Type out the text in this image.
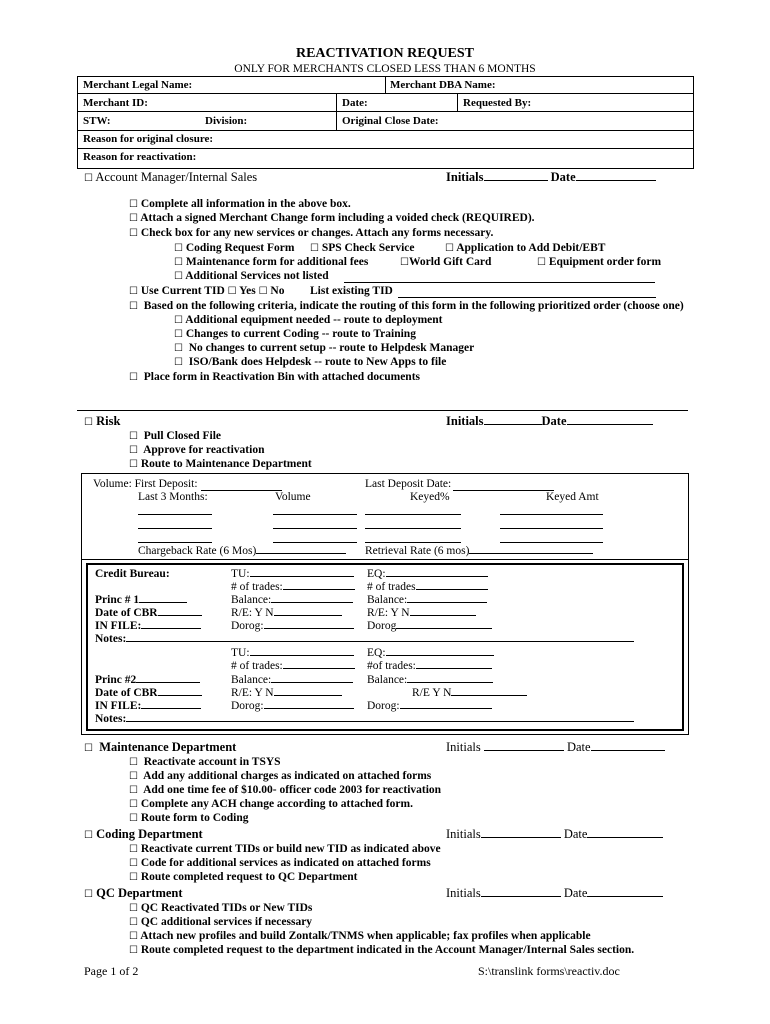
REACTIVATION REQUEST
ONLY FOR MERCHANTS CLOSED LESS THAN 6 MONTHS
Merchant Legal Name:	Merchant DBA Name:
Merchant ID:	Date:	Requested By:
STW:	Division:	Original Close Date:
Reason for original closure:
Reason for reactivation:
☐ Account Manager/Internal Sales	Initials	Date
☐ Complete all information in the above box.
☐ Attach a signed Merchant Change form including a voided check (REQUIRED).
☐ Check box for any new services or changes. Attach any forms necessary.
☐ Coding Request Form ☐ SPS Check Service	☐ Application to Add Debit/EBT
☐ Maintenance form for additional fees	☐World Gift Card	☐ Equipment order form
☐ Additional Services not listed
☐ Use Current TID ☐ Yes ☐ No List existing TID
☐ Based on the following criteria, indicate the routing of this form in the following prioritized order (choose one)
☐ Additional equipment needed -- route to deployment
☐ Changes to current Coding -- route to Training
☐ No changes to current setup -- route to Helpdesk Manager
☐ ISO/Bank does Helpdesk -- route to New Apps to file
☐ Place form in Reactivation Bin with attached documents
☐ Risk	Initials	Date
☐ Pull Closed File
☐ Approve for reactivation
☐ Route to Maintenance Department
Volume: First Deposit:	Last Deposit Date:
Last 3 Months:	Volume	Keyed%	Keyed Amt
Chargeback Rate (6 Mos)	Retrieval Rate (6 mos)
Credit Bureau:	TU:	EQ:
# of trades:	# of trades
Princ # 1	Balance:	Balance:
Date of CBR	R/E: Y N	R/E: Y N
IN FILE:	Dorog:	Dorog
Notes:
TU:	EQ:
# of trades:	#of trades:
Princ #2	Balance:	Balance:
Date of CBR	R/E: Y N	R/E Y N
IN FILE:	Dorog:	Dorog:
Notes:
☐ Maintenance Department	Initials	Date
☐ Reactivate account in TSYS
☐ Add any additional charges as indicated on attached forms
☐ Add one time fee of $10.00- officer code 2003 for reactivation
☐ Complete any ACH change according to attached form.
☐ Route form to Coding
☐ Coding Department	Initials	Date
☐ Reactivate current TIDs or build new TID as indicated above
☐ Code for additional services as indicated on attached forms
☐ Route completed request to QC Department
☐ QC Department	Initials	Date
☐ QC Reactivated TIDs or New TIDs
☐ QC additional services if necessary
☐ Attach new profiles and build Zontalk/TNMS when applicable; fax profiles when applicable
☐ Route completed request to the department indicated in the Account Manager/Internal Sales section.
Page 1 of 2	S:\translink forms\reactiv.doc
